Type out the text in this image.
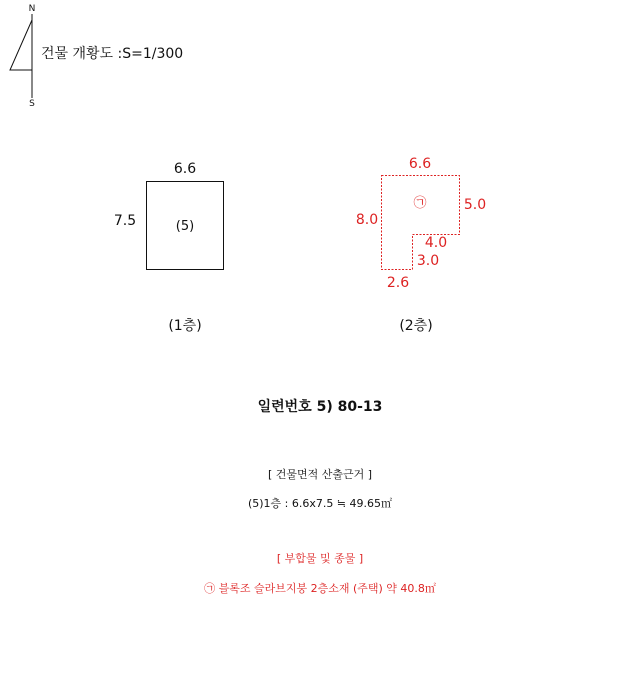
N
S
6.6
7.5	(5)
(1층)
6.6
8.0
5.0
4.0
3.0
2.6
㉠
(2층)
건물 개황도 :S=1/300
일련번호 5) 80-13
[ 건물면적 산출근거 ]
(5)1층 : 6.6x7.5 ≒ 49.65㎡
[ 부합물 및 종물 ]
㉠ 블록조 슬라브지붕 2층소재 (주택) 약 40.8㎡
